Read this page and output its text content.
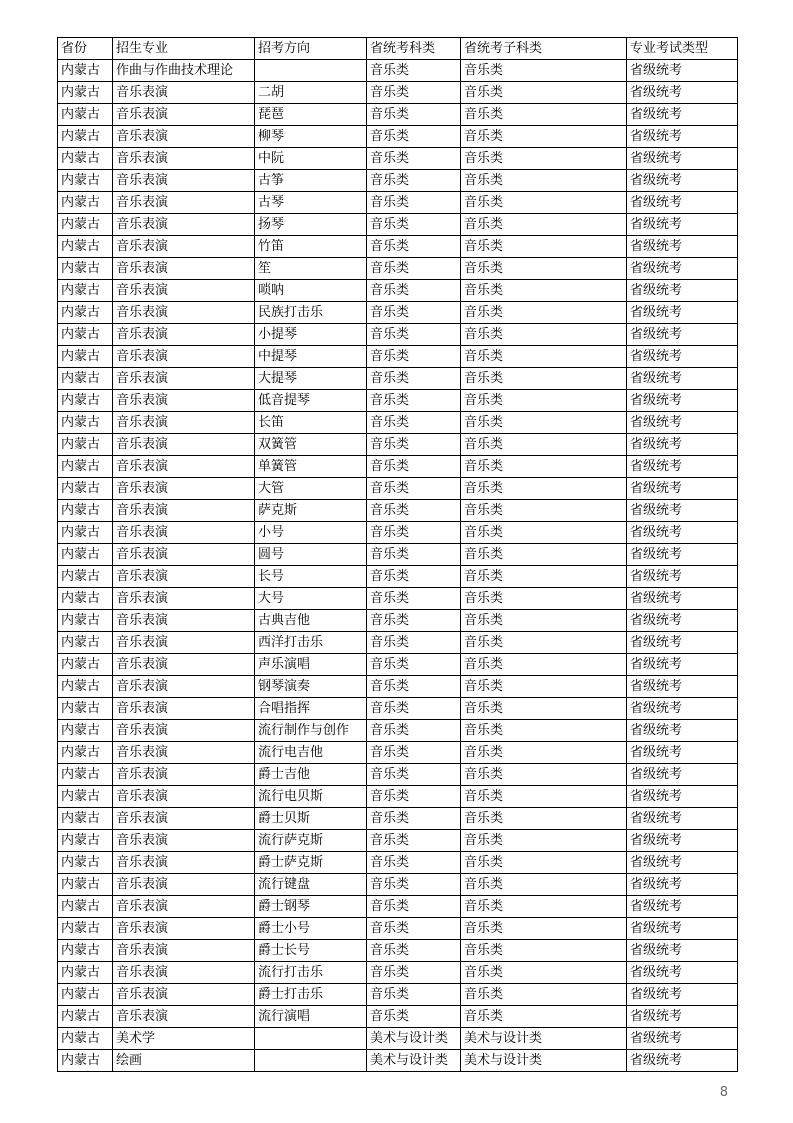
省份	招生专业	招考方向	省统考科类	省统考子科类	专业考试类型
内蒙古	作曲与作曲技术理论		音乐类	音乐类	省级统考
内蒙古	音乐表演	二胡	音乐类	音乐类	省级统考
内蒙古	音乐表演	琵琶	音乐类	音乐类	省级统考
内蒙古	音乐表演	柳琴	音乐类	音乐类	省级统考
内蒙古	音乐表演	中阮	音乐类	音乐类	省级统考
内蒙古	音乐表演	古筝	音乐类	音乐类	省级统考
内蒙古	音乐表演	古琴	音乐类	音乐类	省级统考
内蒙古	音乐表演	扬琴	音乐类	音乐类	省级统考
内蒙古	音乐表演	竹笛	音乐类	音乐类	省级统考
内蒙古	音乐表演	笙	音乐类	音乐类	省级统考
内蒙古	音乐表演	唢呐	音乐类	音乐类	省级统考
内蒙古	音乐表演	民族打击乐	音乐类	音乐类	省级统考
内蒙古	音乐表演	小提琴	音乐类	音乐类	省级统考
内蒙古	音乐表演	中提琴	音乐类	音乐类	省级统考
内蒙古	音乐表演	大提琴	音乐类	音乐类	省级统考
内蒙古	音乐表演	低音提琴	音乐类	音乐类	省级统考
内蒙古	音乐表演	长笛	音乐类	音乐类	省级统考
内蒙古	音乐表演	双簧管	音乐类	音乐类	省级统考
内蒙古	音乐表演	单簧管	音乐类	音乐类	省级统考
内蒙古	音乐表演	大管	音乐类	音乐类	省级统考
内蒙古	音乐表演	萨克斯	音乐类	音乐类	省级统考
内蒙古	音乐表演	小号	音乐类	音乐类	省级统考
内蒙古	音乐表演	圆号	音乐类	音乐类	省级统考
内蒙古	音乐表演	长号	音乐类	音乐类	省级统考
内蒙古	音乐表演	大号	音乐类	音乐类	省级统考
内蒙古	音乐表演	古典吉他	音乐类	音乐类	省级统考
内蒙古	音乐表演	西洋打击乐	音乐类	音乐类	省级统考
内蒙古	音乐表演	声乐演唱	音乐类	音乐类	省级统考
内蒙古	音乐表演	钢琴演奏	音乐类	音乐类	省级统考
内蒙古	音乐表演	合唱指挥	音乐类	音乐类	省级统考
内蒙古	音乐表演	流行制作与创作	音乐类	音乐类	省级统考
内蒙古	音乐表演	流行电吉他	音乐类	音乐类	省级统考
内蒙古	音乐表演	爵士吉他	音乐类	音乐类	省级统考
内蒙古	音乐表演	流行电贝斯	音乐类	音乐类	省级统考
内蒙古	音乐表演	爵士贝斯	音乐类	音乐类	省级统考
内蒙古	音乐表演	流行萨克斯	音乐类	音乐类	省级统考
内蒙古	音乐表演	爵士萨克斯	音乐类	音乐类	省级统考
内蒙古	音乐表演	流行键盘	音乐类	音乐类	省级统考
内蒙古	音乐表演	爵士钢琴	音乐类	音乐类	省级统考
内蒙古	音乐表演	爵士小号	音乐类	音乐类	省级统考
内蒙古	音乐表演	爵士长号	音乐类	音乐类	省级统考
内蒙古	音乐表演	流行打击乐	音乐类	音乐类	省级统考
内蒙古	音乐表演	爵士打击乐	音乐类	音乐类	省级统考
内蒙古	音乐表演	流行演唱	音乐类	音乐类	省级统考
内蒙古	美术学		美术与设计类	美术与设计类	省级统考
内蒙古	绘画		美术与设计类	美术与设计类	省级统考
8
